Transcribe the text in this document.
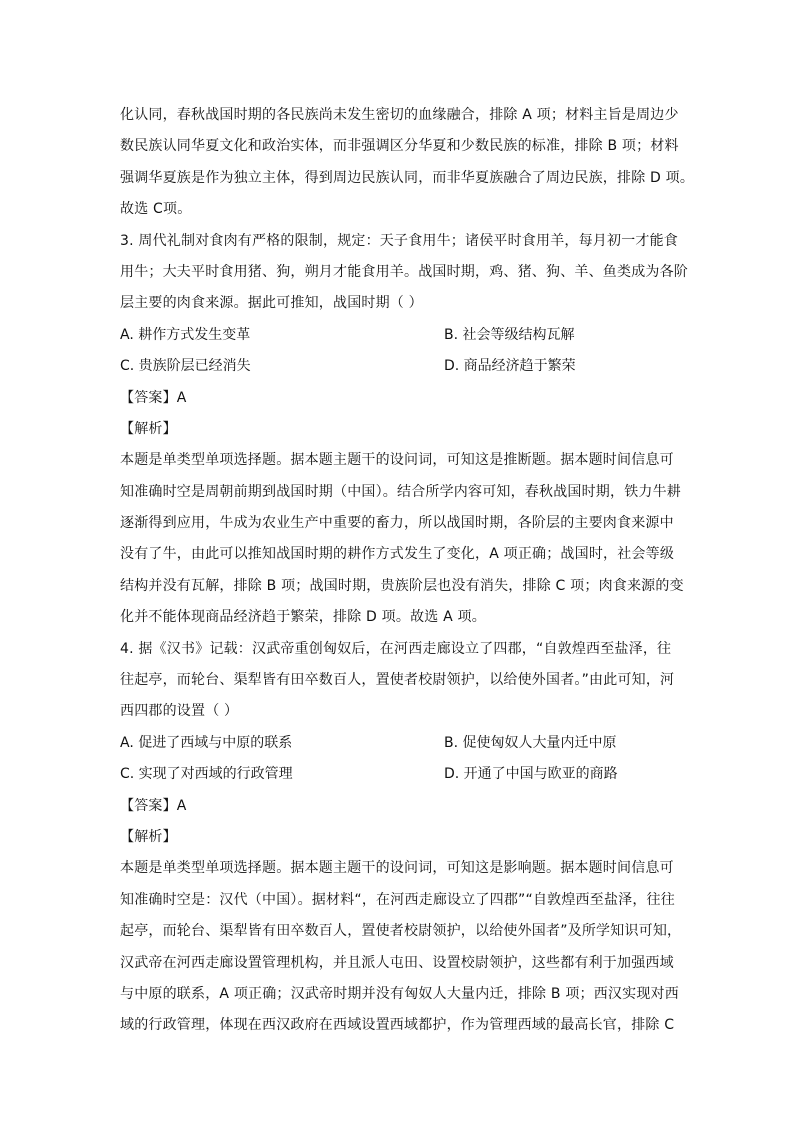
化认同，春秋战国时期的各民族尚未发生密切的血缘融合，排除 A 项；材料主旨是周边少
数民族认同华夏文化和政治实体，而非强调区分华夏和少数民族的标准，排除 B 项；材料
强调华夏族是作为独立主体，得到周边民族认同，而非华夏族融合了周边民族，排除 D 项。
故选 C项。
3. 周代礼制对食肉有严格的限制，规定：天子食用牛；诸侯平时食用羊，每月初一才能食
用牛；大夫平时食用猪、狗，朔月才能食用羊。战国时期，鸡、猪、狗、羊、鱼类成为各阶
层主要的肉食来源。据此可推知，战国时期（ ）
A. 耕作方式发生变革	B. 社会等级结构瓦解
C. 贵族阶层已经消失	D. 商品经济趋于繁荣
【答案】A
【解析】
本题是单类型单项选择题。据本题主题干的设问词，可知这是推断题。据本题时间信息可
知准确时空是周朝前期到战国时期（中国）。结合所学内容可知，春秋战国时期，铁力牛耕
逐渐得到应用，牛成为农业生产中重要的畜力，所以战国时期，各阶层的主要肉食来源中
没有了牛，由此可以推知战国时期的耕作方式发生了变化，A 项正确；战国时，社会等级
结构并没有瓦解，排除 B 项；战国时期，贵族阶层也没有消失，排除 C 项；肉食来源的变
化并不能体现商品经济趋于繁荣，排除 D 项。故选 A 项。
4. 据《汉书》记载：汉武帝重创匈奴后，在河西走廊设立了四郡，“自敦煌西至盐泽，往
往起亭，而轮台、渠犁皆有田卒数百人，置使者校尉领护，以给使外国者。”由此可知，河
西四郡的设置（ ）
A. 促进了西域与中原的联系	B. 促使匈奴人大量内迁中原
C. 实现了对西域的行政管理	D. 开通了中国与欧亚的商路
【答案】A
【解析】
本题是单类型单项选择题。据本题主题干的设问词，可知这是影响题。据本题时间信息可
知准确时空是：汉代（中国）。据材料“，在河西走廊设立了四郡”“自敦煌西至盐泽，往往
起亭，而轮台、渠犁皆有田卒数百人，置使者校尉领护，以给使外国者”及所学知识可知，
汉武帝在河西走廊设置管理机构，并且派人屯田、设置校尉领护，这些都有利于加强西域
与中原的联系，A 项正确；汉武帝时期并没有匈奴人大量内迁，排除 B 项；西汉实现对西
域的行政管理，体现在西汉政府在西域设置西域都护，作为管理西域的最高长官，排除 C
